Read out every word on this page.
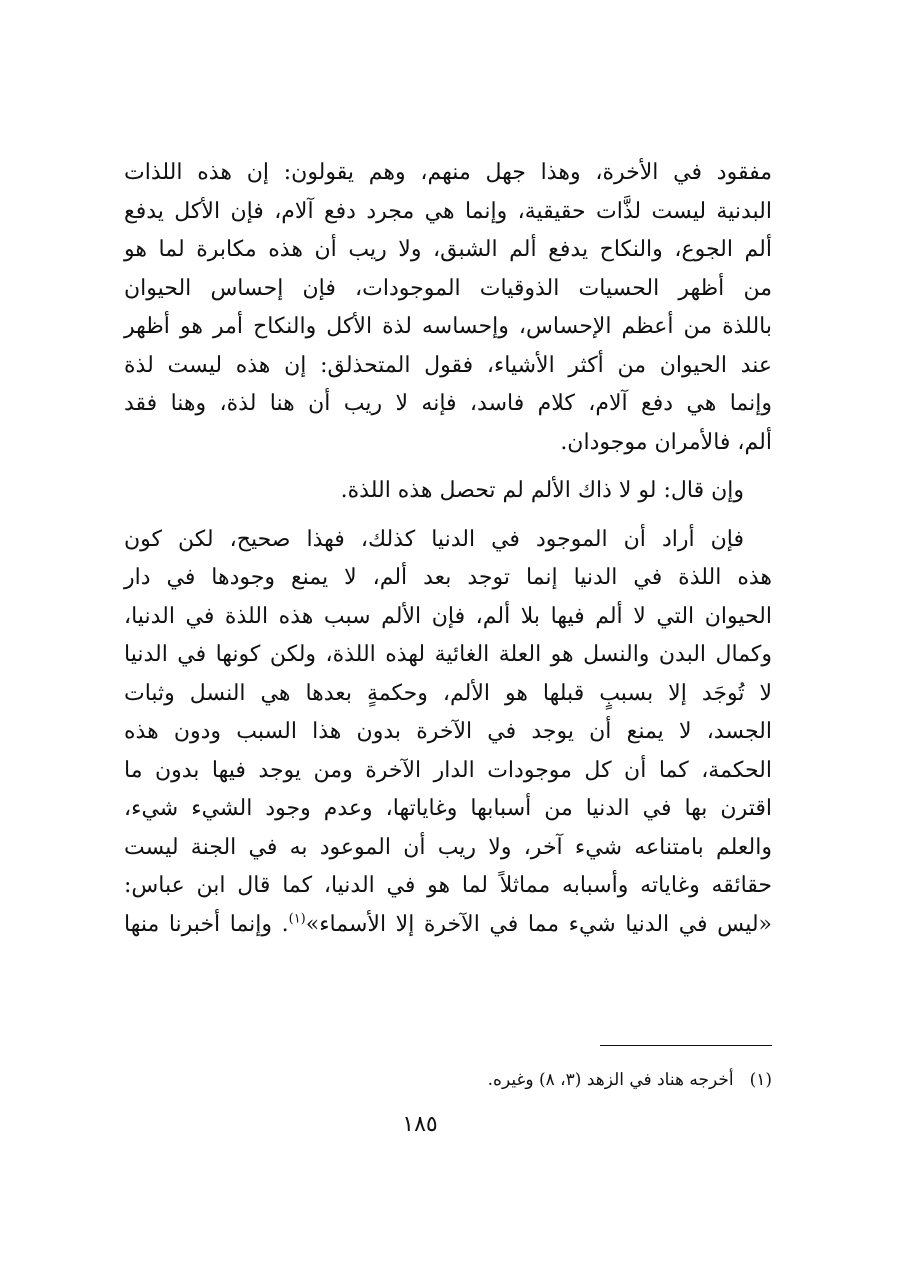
مفقود في الأخرة، وهذا جهل منهم، وهم يقولون: إن هذه اللذات
البدنية ليست لذَّات حقيقية، وإنما هي مجرد دفع آلام، فإن الأكل يدفع
ألم الجوع، والنكاح يدفع ألم الشبق، ولا ريب أن هذه مكابرة لما هو
من أظهر الحسيات الذوقيات الموجودات، فإن إحساس الحيوان
باللذة من أعظم الإحساس، وإحساسه لذة الأكل والنكاح أمر هو أظهر
عند الحيوان من أكثر الأشياء، فقول المتحذلق: إن هذه ليست لذة
وإنما هي دفع آلام، كلام فاسد، فإنه لا ريب أن هنا لذة، وهنا فقد
ألم، فالأمران موجودان.
وإن قال: لو لا ذاك الألم لم تحصل هذه اللذة.
فإن أراد أن الموجود في الدنيا كذلك، فهذا صحيح، لكن كون
هذه اللذة في الدنيا إنما توجد بعد ألم، لا يمنع وجودها في دار
الحيوان التي لا ألم فيها بلا ألم، فإن الألم سبب هذه اللذة في الدنيا،
وكمال البدن والنسل هو العلة الغائية لهذه اللذة، ولكن كونها في الدنيا
لا تُوجَد إلا بسببٍ قبلها هو الألم، وحكمةٍ بعدها هي النسل وثبات
الجسد، لا يمنع أن يوجد في الآخرة بدون هذا السبب ودون هذه
الحكمة، كما أن كل موجودات الدار الآخرة ومن يوجد فيها بدون ما
اقترن بها في الدنيا من أسبابها وغاياتها، وعدم وجود الشيء شيء،
والعلم بامتناعه شيء آخر، ولا ريب أن الموعود به في الجنة ليست
حقائقه وغاياته وأسبابه مماثلاً لما هو في الدنيا، كما قال ابن عباس:
«ليس في الدنيا شيء مما في الآخرة إلا الأسماء»$^{(١)}$. وإنما أخبرنا منها
(١)أخرجه هناد في الزهد (٣، ٨) وغيره.
١٨٥
